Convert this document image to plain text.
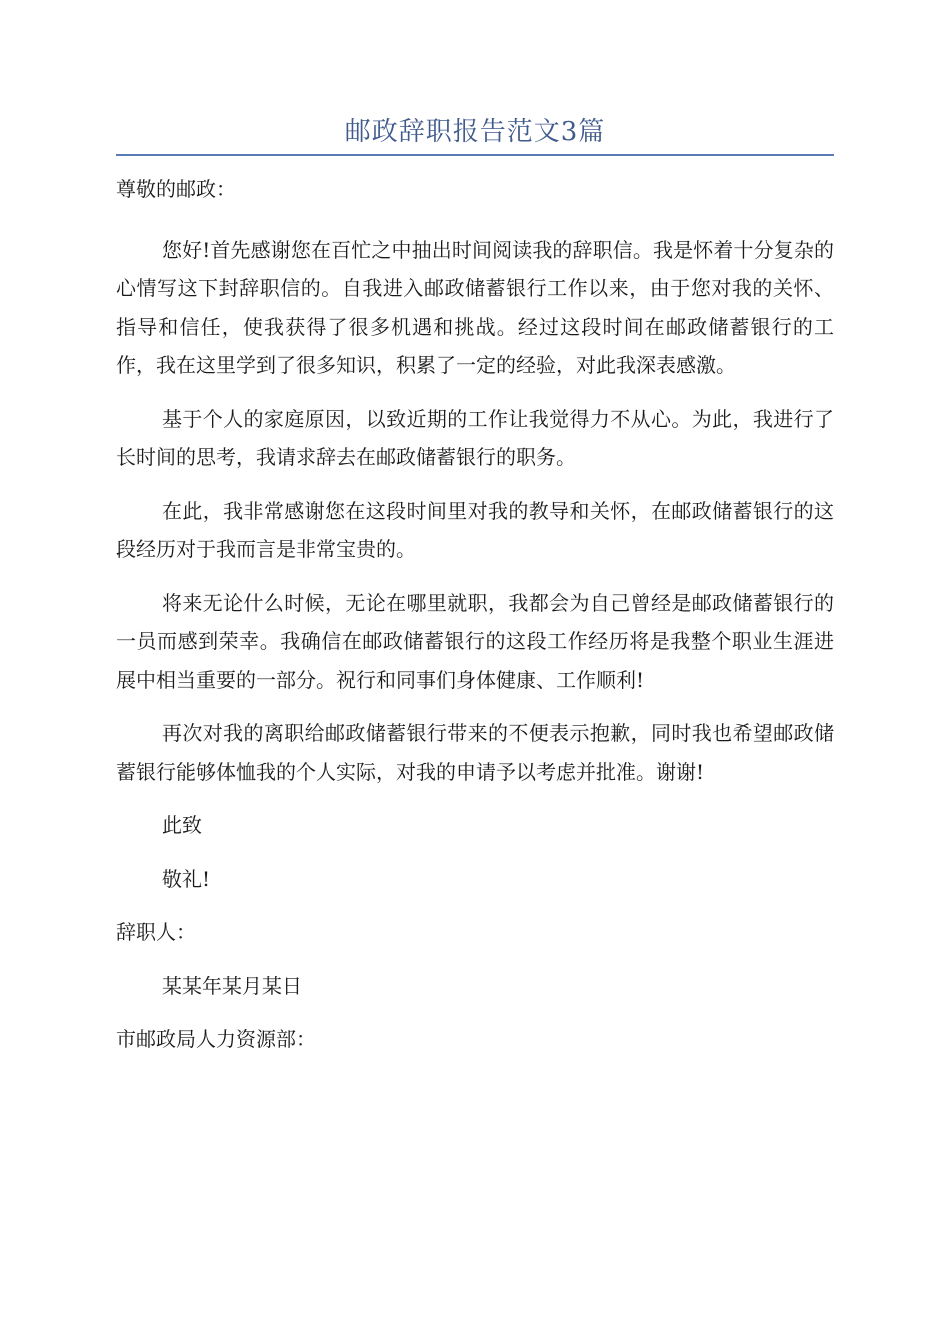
邮政辞职报告范文3篇

尊敬的邮政：

您好!首先感谢您在百忙之中抽出时间阅读我的辞职信。我是怀着十分复杂的心情写这下封辞职信的。自我进入邮政储蓄银行工作以来，由于您对我的关怀、指导和信任，使我获得了很多机遇和挑战。经过这段时间在邮政储蓄银行的工作，我在这里学到了很多知识，积累了一定的经验，对此我深表感激。

基于个人的家庭原因，以致近期的工作让我觉得力不从心。为此，我进行了长时间的思考，我请求辞去在邮政储蓄银行的职务。

在此，我非常感谢您在这段时间里对我的教导和关怀，在邮政储蓄银行的这段经历对于我而言是非常宝贵的。

将来无论什么时候，无论在哪里就职，我都会为自己曾经是邮政储蓄银行的一员而感到荣幸。我确信在邮政储蓄银行的这段工作经历将是我整个职业生涯进展中相当重要的一部分。祝行和同事们身体健康、工作顺利!

再次对我的离职给邮政储蓄银行带来的不便表示抱歉，同时我也希望邮政储蓄银行能够体恤我的个人实际，对我的申请予以考虑并批准。谢谢!

此致

敬礼!

辞职人：

某某年某月某日

市邮政局人力资源部：
